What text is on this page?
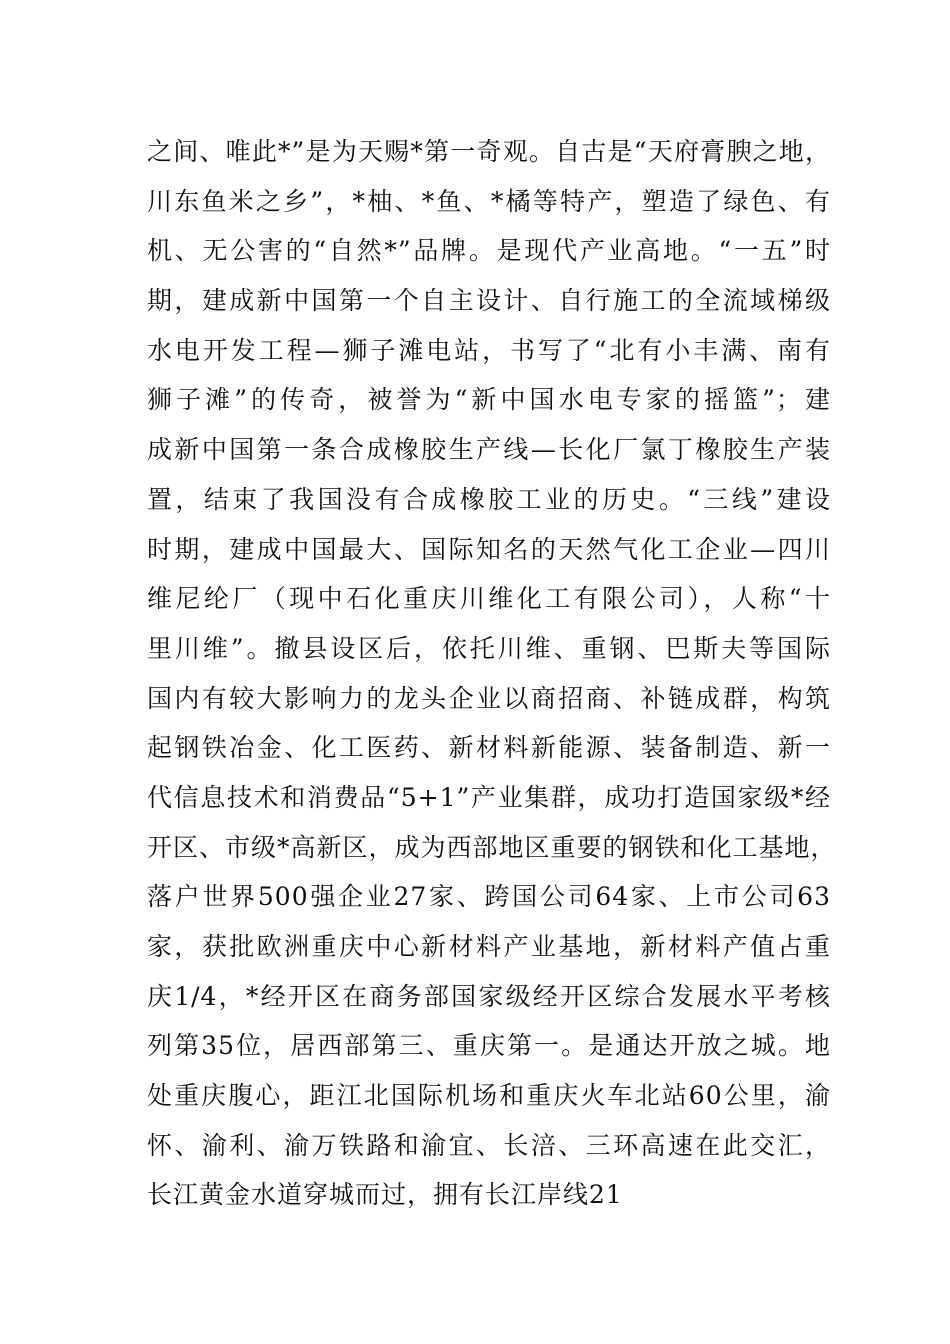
之间、唯此*”是为天赐*第一奇观。自古是“天府膏腴之地，
川东鱼米之乡”，*柚、*鱼、*橘等特产，塑造了绿色、有
机、无公害的“自然*”品牌。是现代产业高地。“一五”时
期，建成新中国第一个自主设计、自行施工的全流域梯级
水电开发工程—狮子滩电站，书写了“北有小丰满、南有
狮子滩”的传奇，被誉为“新中国水电专家的摇篮”；建
成新中国第一条合成橡胶生产线—长化厂氯丁橡胶生产装
置，结束了我国没有合成橡胶工业的历史。“三线”建设
时期，建成中国最大、国际知名的天然气化工企业—四川
维尼纶厂（现中石化重庆川维化工有限公司），人称“十
里川维”。撤县设区后，依托川维、重钢、巴斯夫等国际
国内有较大影响力的龙头企业以商招商、补链成群，构筑
起钢铁冶金、化工医药、新材料新能源、装备制造、新一
代信息技术和消费品“5+1”产业集群，成功打造国家级*经
开区、市级*高新区，成为西部地区重要的钢铁和化工基地，
落户世界500强企业27家、跨国公司64家、上市公司63
家，获批欧洲重庆中心新材料产业基地，新材料产值占重
庆1/4，*经开区在商务部国家级经开区综合发展水平考核
列第35位，居西部第三、重庆第一。是通达开放之城。地
处重庆腹心，距江北国际机场和重庆火车北站60公里，渝
怀、渝利、渝万铁路和渝宜、长涪、三环高速在此交汇，
长江黄金水道穿城而过，拥有长江岸线21
